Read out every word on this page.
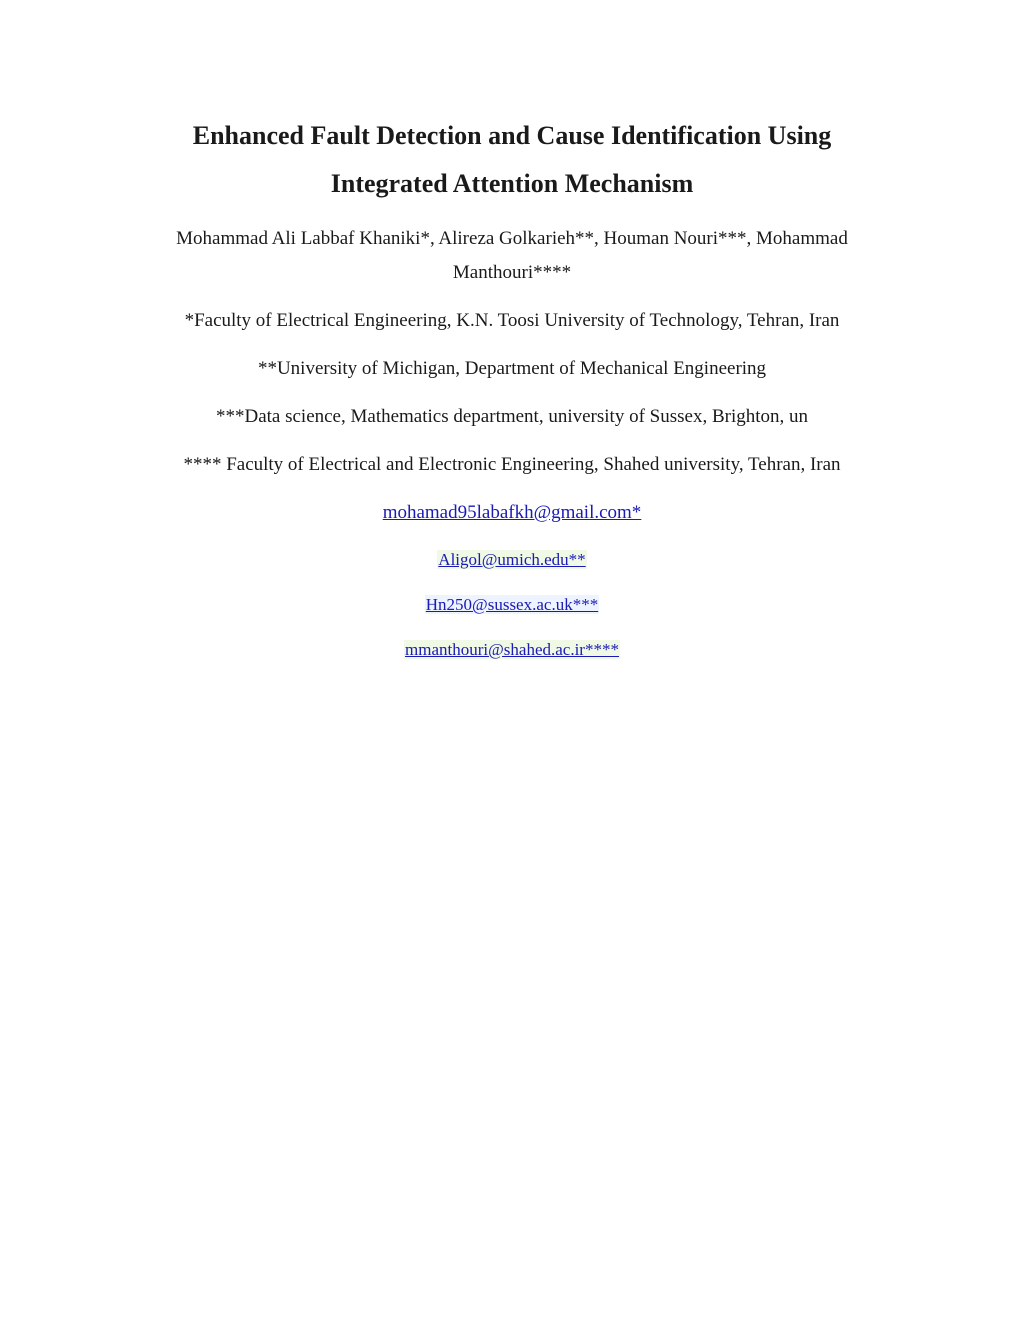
Enhanced Fault Detection and Cause Identification Using
Integrated Attention Mechanism

Mohammad Ali Labbaf Khaniki*, Alireza Golkarieh**, Houman Nouri***, Mohammad

Manthouri****

*Faculty of Electrical Engineering, K.N. Toosi University of Technology, Tehran, Iran

**University of Michigan, Department of Mechanical Engineering

***Data science, Mathematics department, university of Sussex, Brighton, un

**** Faculty of Electrical and Electronic Engineering, Shahed university, Tehran, Iran

mohamad95labafkh@gmail.com*

Aligol@umich.edu**

Hn250@sussex.ac.uk***

mmanthouri@shahed.ac.ir****
